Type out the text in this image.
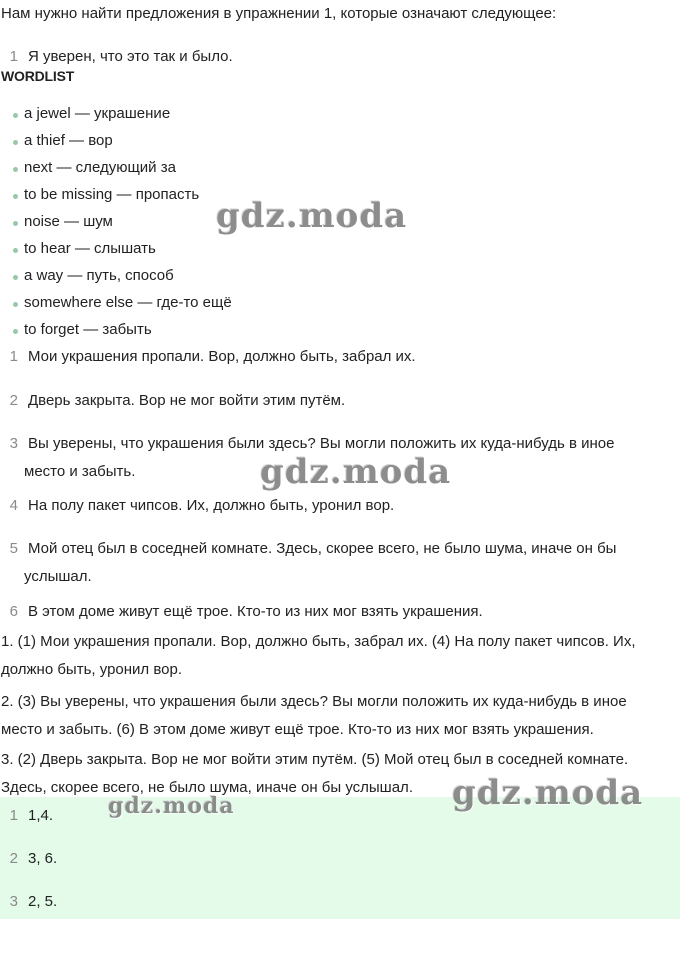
Нам нужно найти предложения в упражнении 1, которые означают следующее:
1 Я уверен, что это так и было.
WORDLIST
a jewel — украшение
a thief — вор
next — следующий за
to be missing — пропасть
noise — шум
to hear — слышать
a way — путь, способ
somewhere else — где-то ещё
to forget — забыть
1 Мои украшения пропали. Вор, должно быть, забрал их.
2 Дверь закрыта. Вор не мог войти этим путём.
3 Вы уверены, что украшения были здесь? Вы могли положить их куда-нибудь в иное
место и забыть.
4 На полу пакет чипсов. Их, должно быть, уронил вор.
5 Мой отец был в соседней комнате. Здесь, скорее всего, не было шума, иначе он бы
услышал.
6 В этом доме живут ещё трое. Кто-то из них мог взять украшения.
1. (1) Мои украшения пропали. Вор, должно быть, забрал их. (4) На полу пакет чипсов. Их,
должно быть, уронил вор.
2. (3) Вы уверены, что украшения были здесь? Вы могли положить их куда-нибудь в иное
место и забыть. (6) В этом доме живут ещё трое. Кто-то из них мог взять украшения.
3. (2) Дверь закрыта. Вор не мог войти этим путём. (5) Мой отец был в соседней комнате.
Здесь, скорее всего, не было шума, иначе он бы услышал.
1 1,4.
2 3, 6.
3 2, 5.
gdz.moda
gdz.moda
gdz.moda
gdz.moda
